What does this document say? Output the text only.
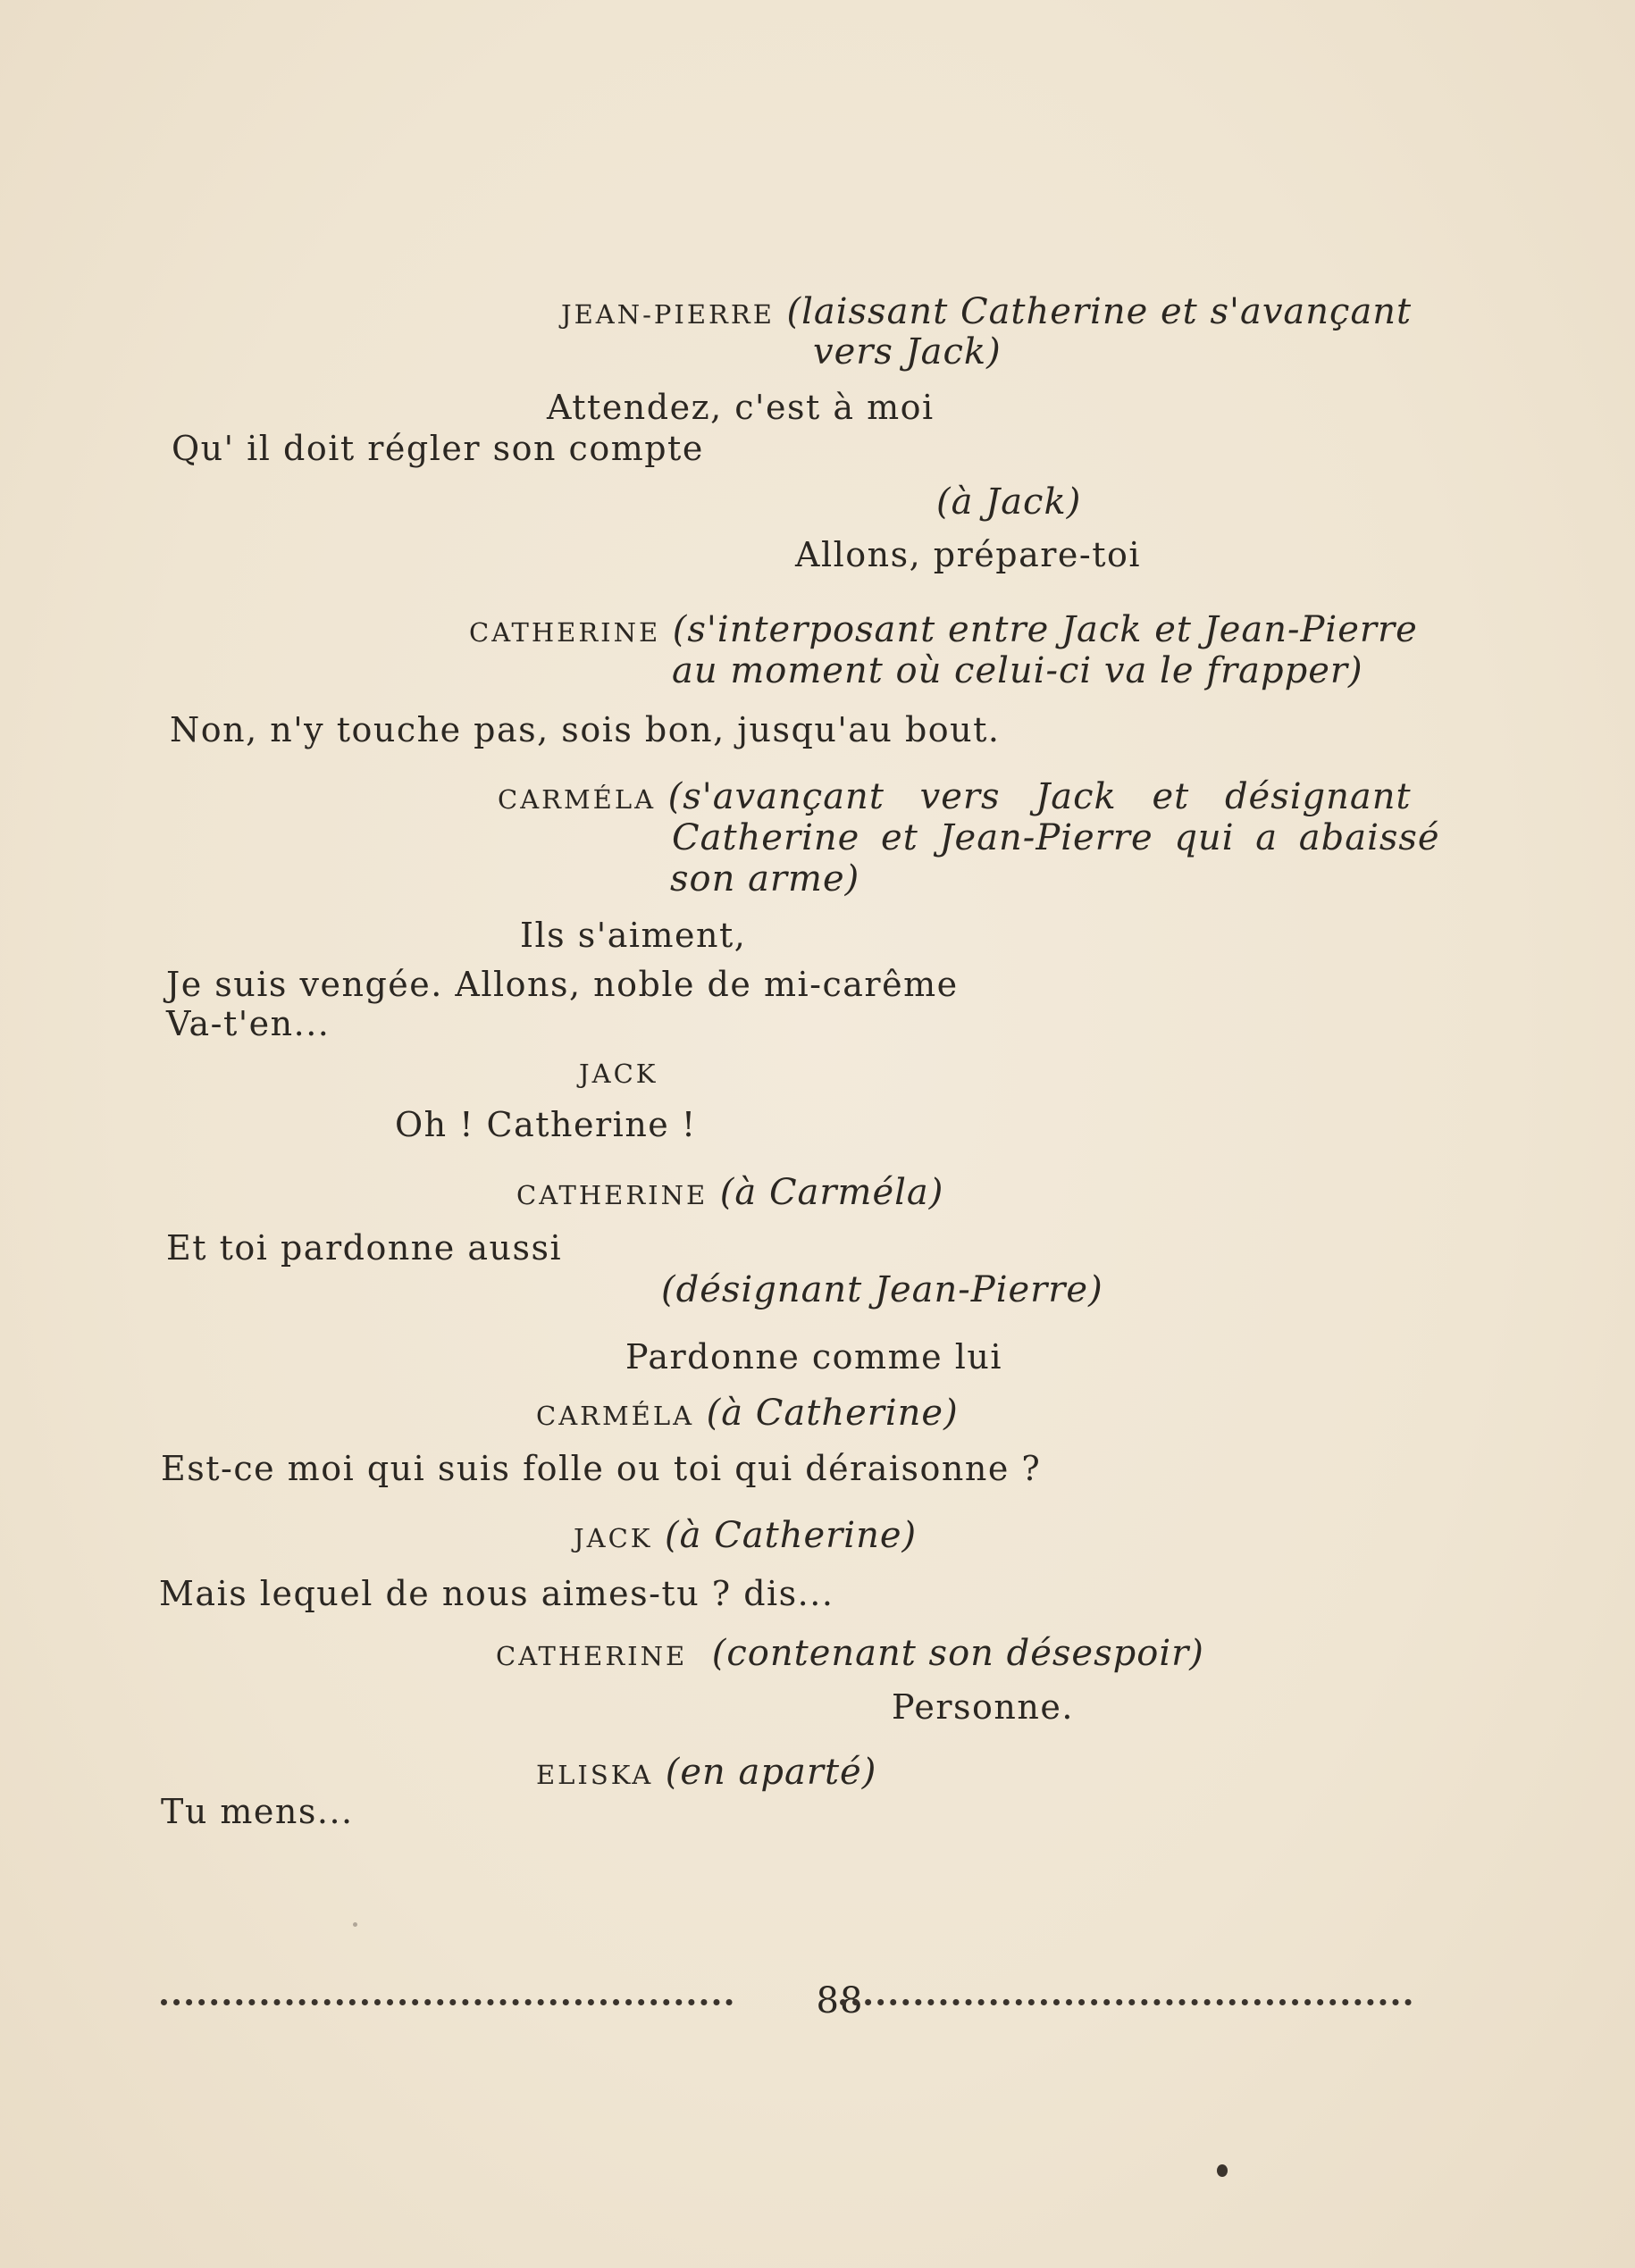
JEAN-PIERRE (laissant Catherine et s'avançant
vers Jack)
Attendez, c'est à moi
Qu' il doit régler son compte
(à Jack)
Allons, prépare-toi
CATHERINE (s'interposant entre Jack et Jean-Pierre
au moment où celui-ci va le frapper)
Non, n'y touche pas, sois bon, jusqu'au bout.
CARMÉLA (s'avançant vers Jack et désignant
Catherine et Jean-Pierre qui a abaissé
son arme)
Ils s'aiment,
Je suis vengée. Allons, noble de mi-carême
Va-t'en...
JACK
Oh ! Catherine !
CATHERINE (à Carméla)
Et toi pardonne aussi
(désignant Jean-Pierre)
Pardonne comme lui
CARMÉLA (à Catherine)
Est-ce moi qui suis folle ou toi qui déraisonne ?
JACK (à Catherine)
Mais lequel de nous aimes-tu ? dis...
CATHERINE (contenant son désespoir)
Personne.
ELISKA (en aparté)
Tu mens...
88
